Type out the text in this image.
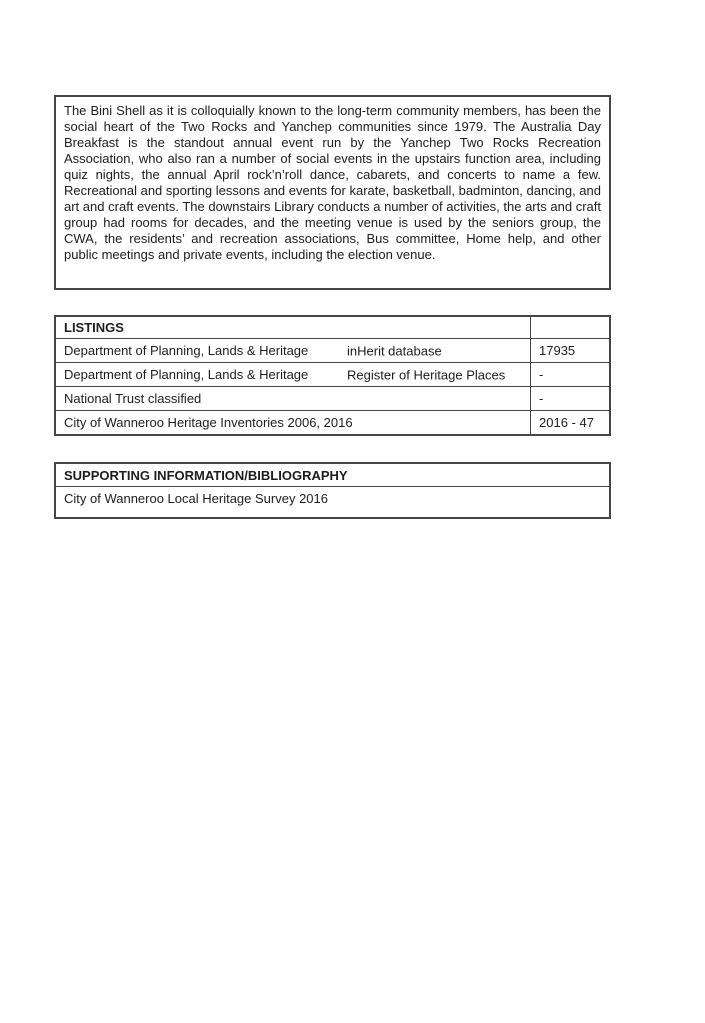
The Bini Shell as it is colloquially known to the long-term community members, has been the social heart of the Two Rocks and Yanchep communities since 1979. The Australia Day Breakfast is the standout annual event run by the Yanchep Two Rocks Recreation Association, who also ran a number of social events in the upstairs function area, including quiz nights, the annual April rock’n’roll dance, cabarets, and concerts to name a few. Recreational and sporting lessons and events for karate, basketball, badminton, dancing, and art and craft events. The downstairs Library conducts a number of activities, the arts and craft group had rooms for decades, and the meeting venue is used by the seniors group, the CWA, the residents’ and recreation associations, Bus committee, Home help, and other public meetings and private events, including the election venue.

LISTINGS
Department of Planning, Lands & Heritage	inHerit database	17935
Department of Planning, Lands & Heritage	Register of Heritage Places	-
National Trust classified	-
City of Wanneroo Heritage Inventories 2006, 2016	2016 - 47
SUPPORTING INFORMATION/BIBLIOGRAPHY
City of Wanneroo Local Heritage Survey 2016
